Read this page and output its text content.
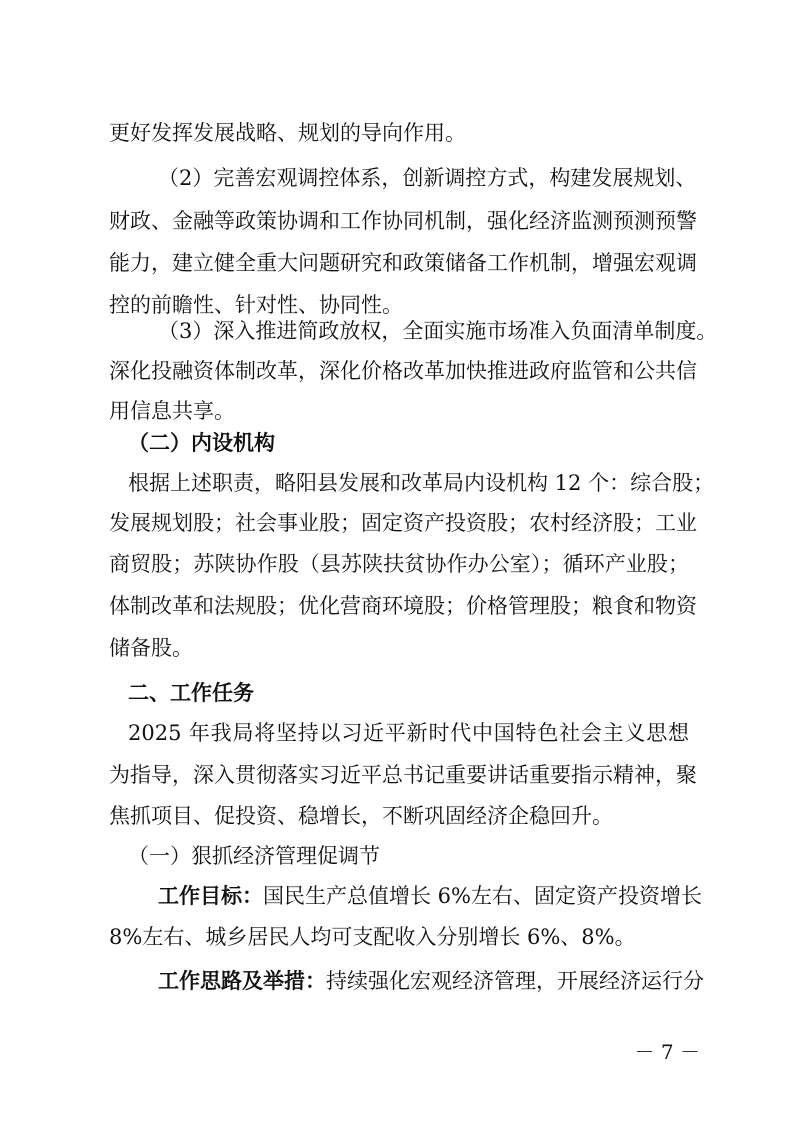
更好发挥发展战略、规划的导向作用。
（2）完善宏观调控体系，创新调控方式，构建发展规划、
财政、金融等政策协调和工作协同机制，强化经济监测预测预警
能力，建立健全重大问题研究和政策储备工作机制，增强宏观调
控的前瞻性、针对性、协同性。
（3）深入推进简政放权，全面实施市场准入负面清单制度。
深化投融资体制改革，深化价格改革加快推进政府监管和公共信
用信息共享。
（二）内设机构
根据上述职责，略阳县发展和改革局内设机构 12 个：综合股；
发展规划股；社会事业股；固定资产投资股；农村经济股；工业
商贸股；苏陕协作股（县苏陕扶贫协作办公室）；循环产业股；
体制改革和法规股；优化营商环境股；价格管理股；粮食和物资
储备股。
二、工作任务
2025 年我局将坚持以习近平新时代中国特色社会主义思想
为指导，深入贯彻落实习近平总书记重要讲话重要指示精神，聚
焦抓项目、促投资、稳增长，不断巩固经济企稳回升。
（一）狠抓经济管理促调节
工作目标：国民生产总值增长 6%左右、固定资产投资增长
8%左右、城乡居民人均可支配收入分别增长 6%、8%。
工作思路及举措：持续强化宏观经济管理，开展经济运行分
－ 7 －
